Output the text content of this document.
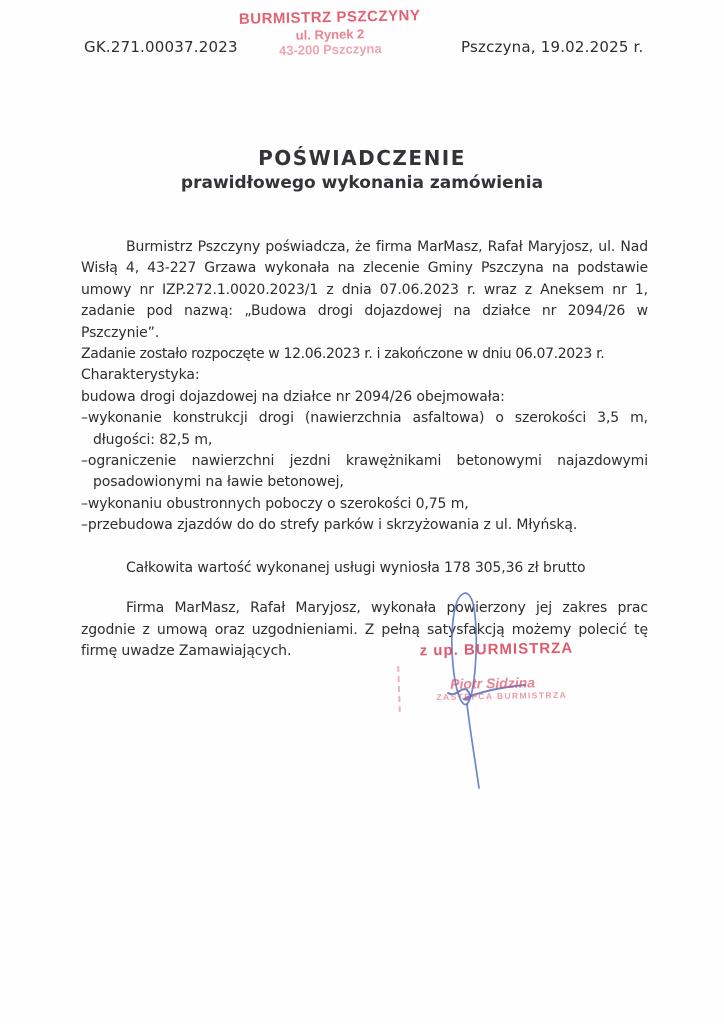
GK.271.00037.2023
BURMISTRZ PSZCZYNY
ul. Rynek 2
43-200 Pszczyna	Pszczyna, 19.02.2025 r.
POŚWIADCZENIE
prawidłowego wykonania zamówienia
Burmistrz Pszczyny poświadcza, że firma MarMasz, Rafał Maryjosz, ul. Nad Wisłą 4, 43-227 Grzawa wykonała na zlecenie Gminy Pszczyna na podstawie umowy nr IZP.272.1.0020.2023/1 z dnia 07.06.2023 r. wraz z Aneksem nr 1, zadanie pod nazwą: „Budowa drogi dojazdowej na działce nr 2094/26 w Pszczynie”.
Zadanie zostało rozpoczęte w 12.06.2023 r. i zakończone w dniu 06.07.2023 r.
Charakterystyka:
budowa drogi dojazdowej na działce nr 2094/26 obejmowała:
–wykonanie konstrukcji drogi (nawierzchnia asfaltowa) o szerokości 3,5 m, długości: 82,5 m,
–ograniczenie nawierzchni jezdni krawężnikami betonowymi najazdowymi posadowionymi na ławie betonowej,
–wykonaniu obustronnych poboczy o szerokości 0,75 m,
–przebudowa zjazdów do do strefy parków i skrzyżowania z ul. Młyńską.
Całkowita wartość wykonanej usługi wyniosła 178 305,36 zł brutto
Firma MarMasz, Rafał Maryjosz, wykonała powierzony jej zakres prac zgodnie z umową oraz uzgodnieniami. Z pełną satysfakcją możemy polecić tę firmę uwadze Zamawiających.	z up. BURMISTRZA
Piotr Sidzina
ZASTĘPCA BURMISTRZA
